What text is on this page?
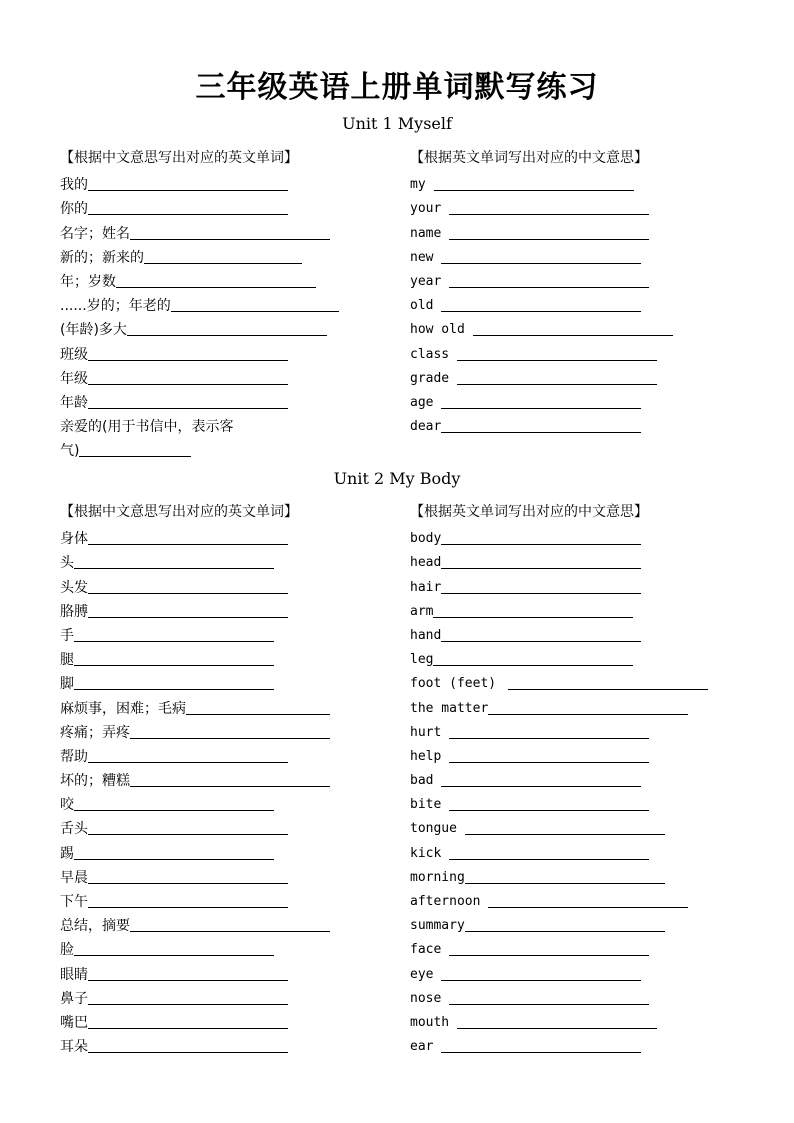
三年级英语上册单词默写练习
Unit 1 Myself
【根据中文意思写出对应的英文单词】
我的
你的
名字；姓名
新的；新来的
年；岁数
......岁的；年老的
(年龄)多大
班级
年级
年龄
亲爱的(用于书信中，表示客
气)
【根据英文单词写出对应的中文意思】
my
your
name
new
year
old
how old
class
grade
age
dear
Unit 2 My Body
【根据中文意思写出对应的英文单词】
身体
头
头发
胳膊
手
腿
脚
麻烦事，困难；毛病
疼痛；弄疼
帮助
坏的；糟糕
咬
舌头
踢
早晨
下午
总结，摘要
脸
眼睛
鼻子
嘴巴
耳朵
【根据英文单词写出对应的中文意思】
body
head
hair
arm
hand
leg
foot (feet)
the matter
hurt
help
bad
bite
tongue
kick
morning
afternoon
summary
face
eye
nose
mouth
ear
